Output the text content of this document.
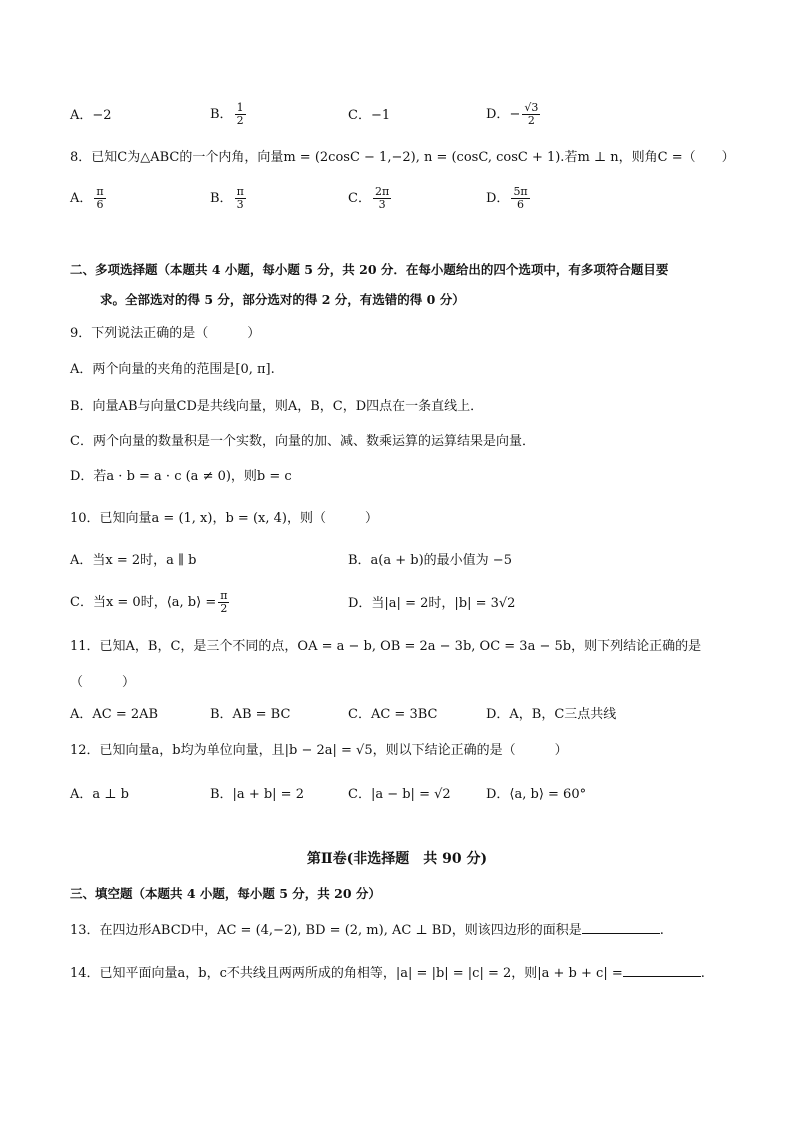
A．−2	B． $\frac{1}{2}$	C．−1	D．− $\frac{√3}{2}$
8．已知C为△ABC的一个内角，向量m = (2cosC − 1,−2), n = (cosC, cosC + 1).若m ⊥ n，则角C =（　　）
A． $\frac{\pi}{6}$	B． $\frac{\pi}{3}$	C． $\frac{2\pi}{3}$	D． $\frac{5\pi}{6}$
二、多项选择题（本题共 4 小题，每小题 5 分，共 20 分．在每小题给出的四个选项中，有多项符合题目要
求。全部选对的得 5 分，部分选对的得 2 分，有选错的得 0 分）
9．下列说法正确的是（　　　）
A．两个向量的夹角的范围是[0, π].
B．向量AB与向量CD是共线向量，则A，B，C，D四点在一条直线上．
C．两个向量的数量积是一个实数，向量的加、减、数乘运算的运算结果是向量．
D．若a · b = a · c (a ≠ 0)，则b = c
10．已知向量a = (1, x)，b = (x, 4)，则（　　　）
A．当x = 2时，a ∥ b	B．a(a + b)的最小值为 −5
C．当x = 0时，⟨a, b⟩ = $\frac{\pi}{2}$	D．当|a| = 2时，|b| = 3√2
11．已知A，B，C，是三个不同的点，OA = a − b, OB = 2a − 3b, OC = 3a − 5b，则下列结论正确的是
（　　　）
A．AC = 2AB	B．AB = BC	C．AC = 3BC	D．A，B，C三点共线
12．已知向量a，b均为单位向量，且|b − 2a| = √5，则以下结论正确的是（　　　）
A．a ⊥ b	B．|a + b| = 2	C．|a − b| = √2	D．⟨a, b⟩ = 60°
第Ⅱ卷(非选择题　共 90 分)
三、填空题（本题共 4 小题，每小题 5 分，共 20 分）
13．在四边形ABCD中，AC = (4,−2), BD = (2, m), AC ⊥ BD，则该四边形的面积是	.
14．已知平面向量a，b，c不共线且两两所成的角相等，|a| = |b| = |c| = 2，则|a + b + c| =	.
